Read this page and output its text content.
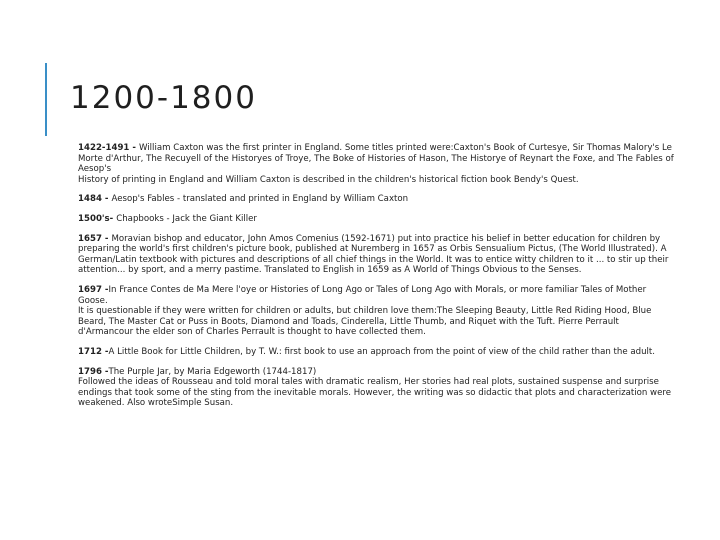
1200-1800

1422-1491 - William Caxton was the first printer in England. Some titles printed were:Caxton's Book of Curtesye, Sir Thomas Malory's Le Morte d'Arthur, The Recuyell of the Historyes of Troye, The Boke of Histories of Hason, The Historye of Reynart the Foxe, and The Fables of Aesop's

History of printing in England and William Caxton is described in the children's historical fiction book Bendy's Quest.

1484 - Aesop's Fables - translated and printed in England by William Caxton

1500's- Chapbooks - Jack the Giant Killer

1657 - Moravian bishop and educator, John Amos Comenius (1592-1671) put into practice his belief in better education for children by preparing the world's first children's picture book, published at Nuremberg in 1657 as Orbis Sensualium Pictus, (The World Illustrated). A German/Latin textbook with pictures and descriptions of all chief things in the World. It was to entice witty children to it ... to stir up their attention... by sport, and a merry pastime. Translated to English in 1659 as A World of Things Obvious to the Senses.

1697 -In France Contes de Ma Mere l'oye or Histories of Long Ago or Tales of Long Ago with Morals, or more familiar Tales of Mother Goose.

It is questionable if they were written for children or adults, but children love them:The Sleeping Beauty, Little Red Riding Hood, Blue Beard, The Master Cat or Puss in Boots, Diamond and Toads, Cinderella, Little Thumb, and Riquet with the Tuft. Pierre Perrault d'Armancour the elder son of Charles Perrault is thought to have collected them.

1712 -A Little Book for Little Children, by T. W.: first book to use an approach from the point of view of the child rather than the adult.

1796 -The Purple Jar, by Maria Edgeworth (1744-1817)

Followed the ideas of Rousseau and told moral tales with dramatic realism, Her stories had real plots, sustained suspense and surprise endings that took some of the sting from the inevitable morals. However, the writing was so didactic that plots and characterization were weakened. Also wroteSimple Susan.
